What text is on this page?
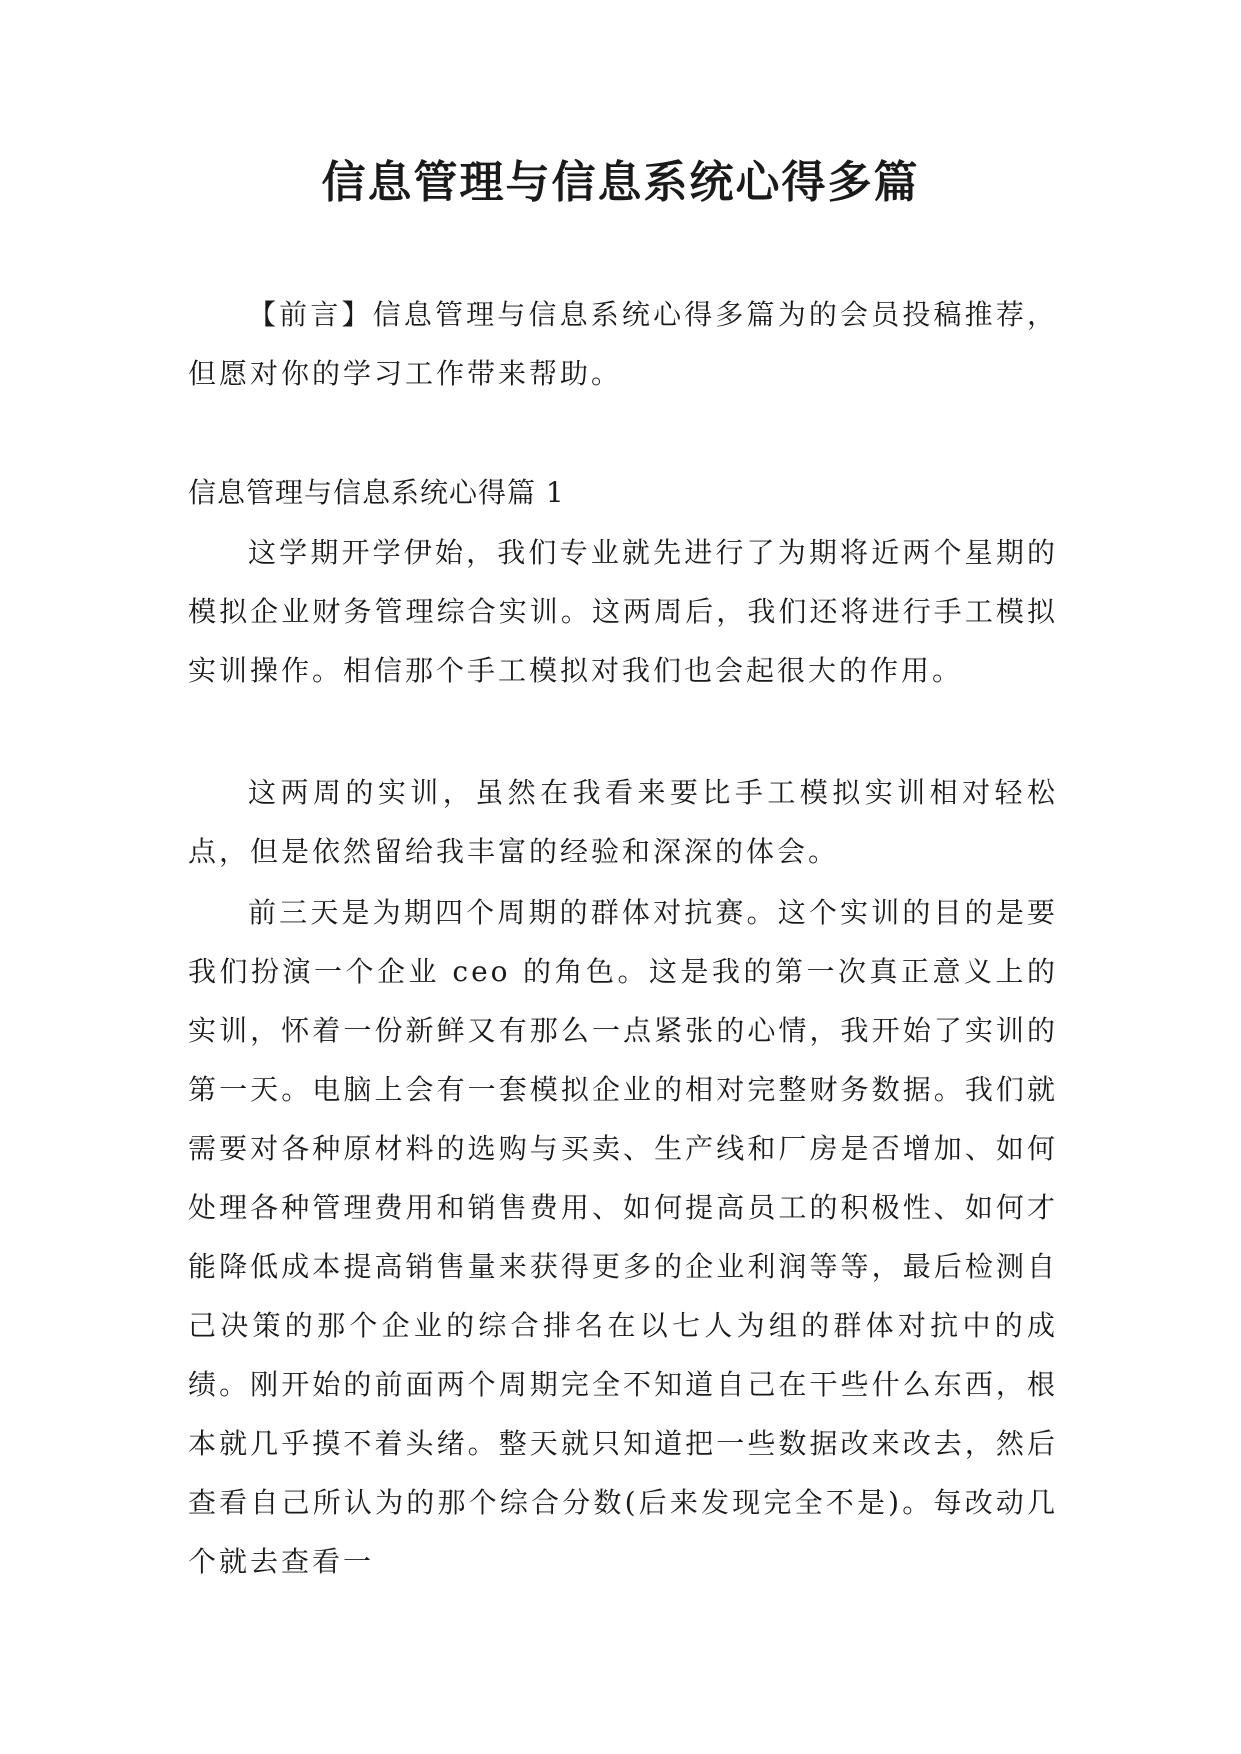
信息管理与信息系统心得多篇

【前言】信息管理与信息系统心得多篇为的会员投稿推荐，但愿对你的学习工作带来帮助。

信息管理与信息系统心得篇 1

这学期开学伊始，我们专业就先进行了为期将近两个星期的模拟企业财务管理综合实训。这两周后，我们还将进行手工模拟实训操作。相信那个手工模拟对我们也会起很大的作用。

这两周的实训，虽然在我看来要比手工模拟实训相对轻松点，但是依然留给我丰富的经验和深深的体会。

前三天是为期四个周期的群体对抗赛。这个实训的目的是要我们扮演一个企业 ceo 的角色。这是我的第一次真正意义上的实训，怀着一份新鲜又有那么一点紧张的心情，我开始了实训的第一天。电脑上会有一套模拟企业的相对完整财务数据。我们就需要对各种原材料的选购与买卖、生产线和厂房是否增加、如何处理各种管理费用和销售费用、如何提高员工的积极性、如何才能降低成本提高销售量来获得更多的企业利润等等，最后检测自己决策的那个企业的综合排名在以七人为组的群体对抗中的成绩。刚开始的前面两个周期完全不知道自己在干些什么东西，根本就几乎摸不着头绪。整天就只知道把一些数据改来改去，然后查看自己所认为的那个综合分数(后来发现完全不是)。每改动几个就去查看一
